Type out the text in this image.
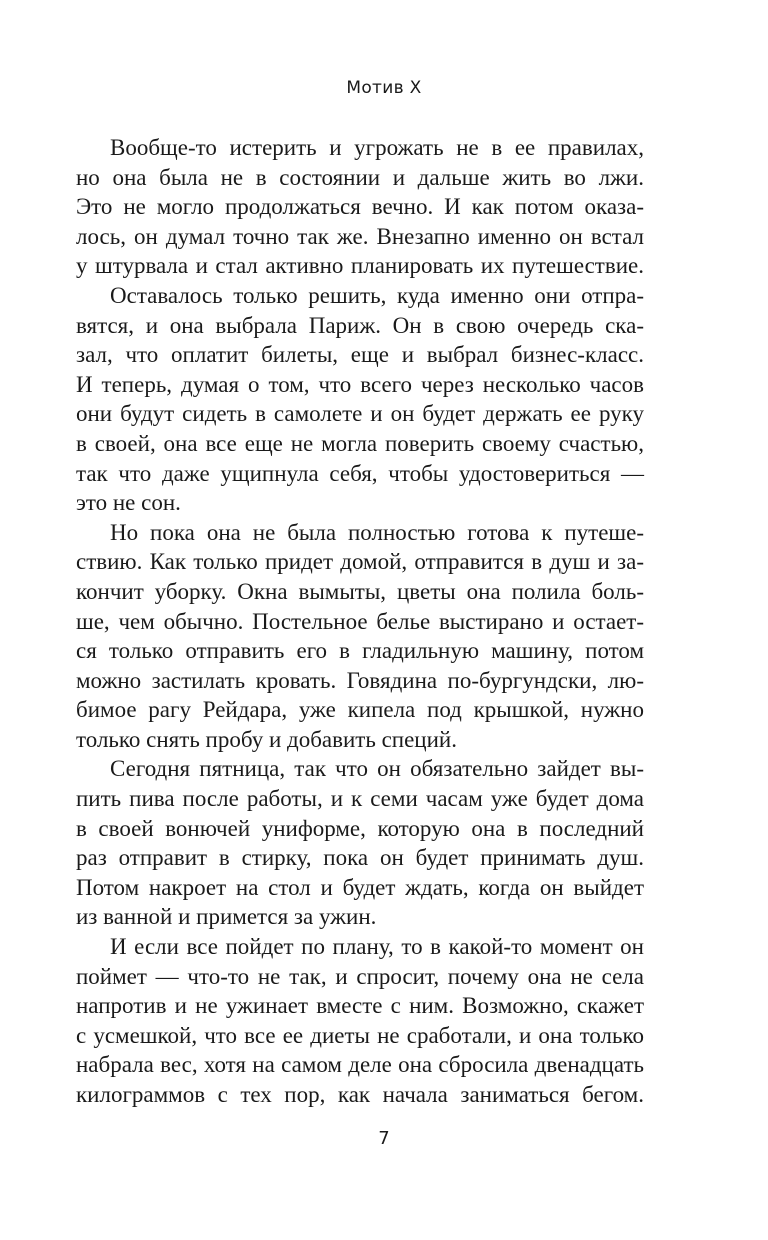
Мотив X
Вообще-то истерить и угрожать не в ее правилах,
но она была не в состоянии и дальше жить во лжи.
Это не могло продолжаться вечно. И как потом оказа-
лось, он думал точно так же. Внезапно именно он встал
у штурвала и стал активно планировать их путешествие.
Оставалось только решить, куда именно они отпра-
вятся, и она выбрала Париж. Он в свою очередь ска-
зал, что оплатит билеты, еще и выбрал бизнес-класс.
И теперь, думая о том, что всего через несколько часов
они будут сидеть в самолете и он будет держать ее руку
в своей, она все еще не могла поверить своему счастью,
так что даже ущипнула себя, чтобы удостовериться —
это не сон.
Но пока она не была полностью готова к путеше-
ствию. Как только придет домой, отправится в душ и за-
кончит уборку. Окна вымыты, цветы она полила боль-
ше, чем обычно. Постельное белье выстирано и остает-
ся только отправить его в гладильную машину, потом
можно застилать кровать. Говядина по-бургундски, лю-
бимое рагу Рейдара, уже кипела под крышкой, нужно
только снять пробу и добавить специй.
Сегодня пятница, так что он обязательно зайдет вы-
пить пива после работы, и к семи часам уже будет дома
в своей вонючей униформе, которую она в последний
раз отправит в стирку, пока он будет принимать душ.
Потом накроет на стол и будет ждать, когда он выйдет
из ванной и примется за ужин.
И если все пойдет по плану, то в какой-то момент он
поймет — что-то не так, и спросит, почему она не села
напротив и не ужинает вместе с ним. Возможно, скажет
с усмешкой, что все ее диеты не сработали, и она только
набрала вес, хотя на самом деле она сбросила двенадцать
килограммов с тех пор, как начала заниматься бегом.
7
